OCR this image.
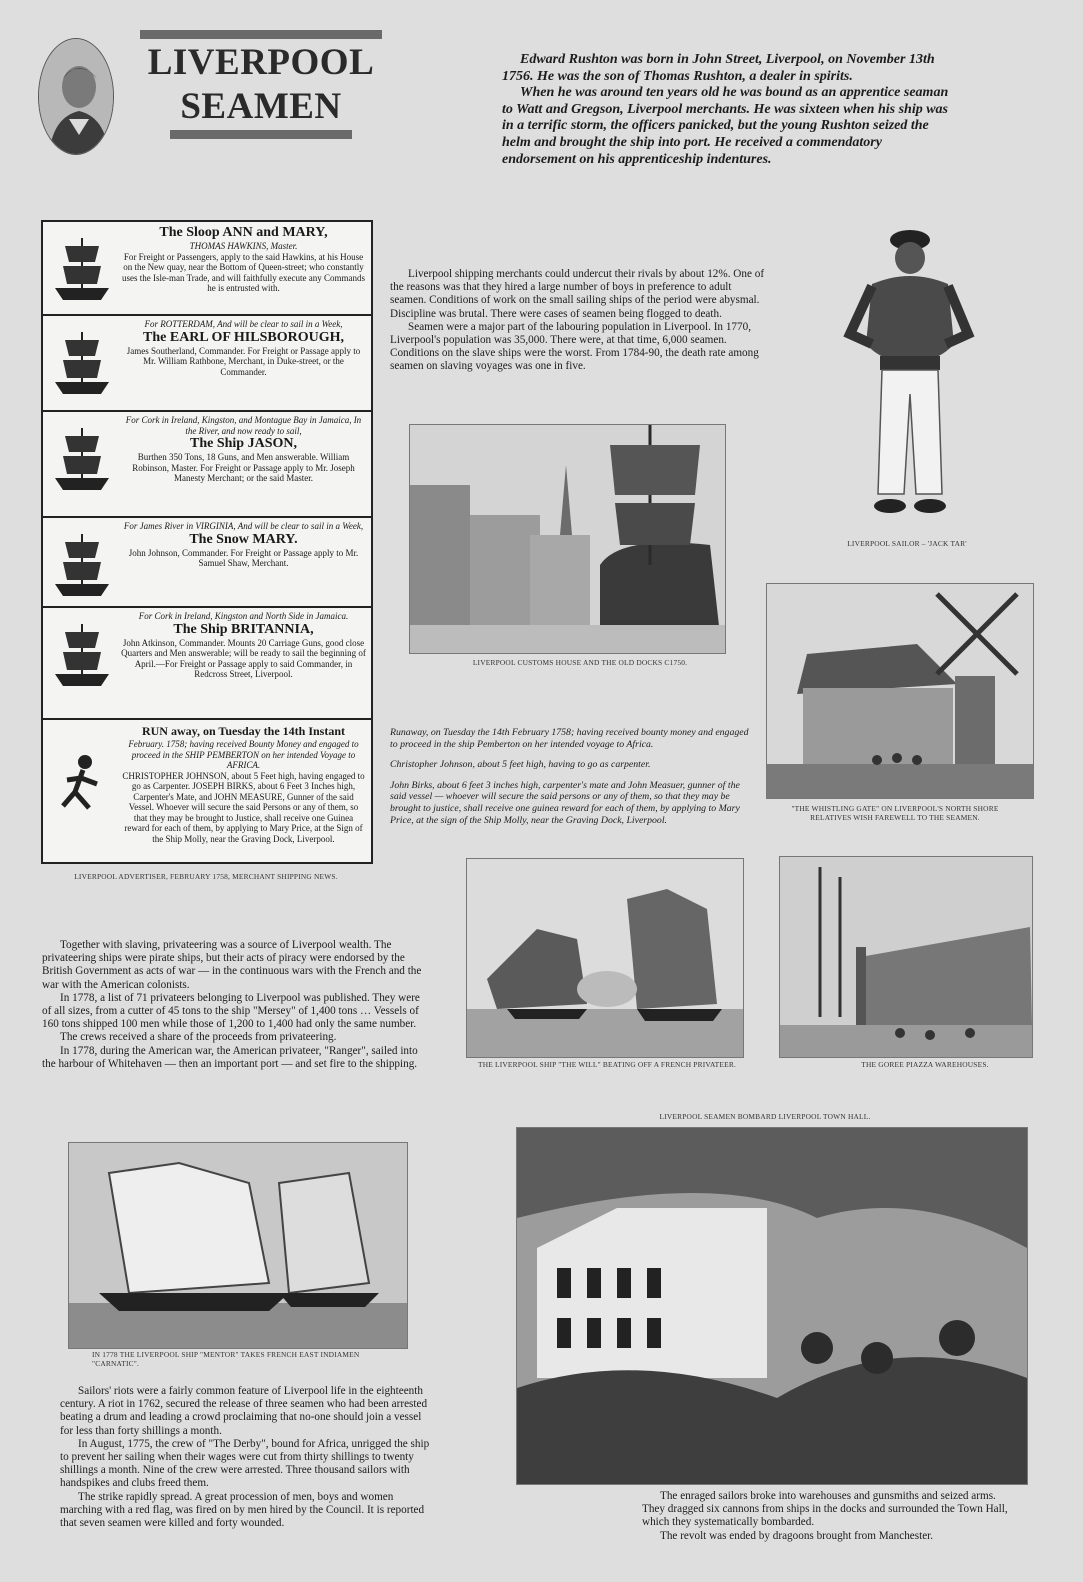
LIVERPOOL
SEAMEN

Edward Rushton was born in John Street, Liverpool, on November 13th 1756. He was the son of Thomas Rushton, a dealer in spirits.

When he was around ten years old he was bound as an apprentice seaman to Watt and Gregson, Liverpool merchants. He was sixteen when his ship was in a terrific storm, the officers panicked, but the young Rushton seized the helm and brought the ship into port. He received a commendatory endorsement on his apprenticeship indentures.

The Sloop ANN and MARY,
THOMAS HAWKINS, Master.
For Freight or Passengers, apply to the said Hawkins, at his House on the New quay, near the Bottom of Queen-street; who constantly uses the Isle-man Trade, and will faithfully execute any Commands he is entrusted with.
For ROTTERDAM, And will be clear to sail in a Week,
The EARL OF HILSBOROUGH,
James Southerland, Commander. For Freight or Passage apply to Mr. William Rathbone, Merchant, in Duke-street, or the Commander.
For Cork in Ireland, Kingston, and Montague Bay in Jamaica, In the River, and now ready to sail,
The Ship JASON,
Burthen 350 Tons, 18 Guns, and Men answerable. William Robinson, Master. For Freight or Passage apply to Mr. Joseph Manesty Merchant; or the said Master.
For James River in VIRGINIA, And will be clear to sail in a Week,
The Snow MARY.
John Johnson, Commander. For Freight or Passage apply to Mr. Samuel Shaw, Merchant.
For Cork in Ireland, Kingston and North Side in Jamaica.
The Ship BRITANNIA,
John Atkinson, Commander. Mounts 20 Carriage Guns, good close Quarters and Men answerable; will be ready to sail the beginning of April.—For Freight or Passage apply to said Commander, in Redcross Street, Liverpool.
RUN away, on Tuesday the 14th Instant
February. 1758; having received Bounty Money and engaged to proceed in the SHIP PEMBERTON on her intended Voyage to AFRICA.
CHRISTOPHER JOHNSON, about 5 Feet high, having engaged to go as Carpenter. JOSEPH BIRKS, about 6 Feet 3 Inches high, Carpenter's Mate, and JOHN MEASURE, Gunner of the said Vessel. Whoever will secure the said Persons or any of them, so that they may be brought to Justice, shall receive one Guinea reward for each of them, by applying to Mary Price, at the Sign of the Ship Molly, near the Graving Dock, Liverpool.
LIVERPOOL ADVERTISER, FEBRUARY 1758, MERCHANT SHIPPING NEWS.

Liverpool shipping merchants could undercut their rivals by about 12%. One of the reasons was that they hired a large number of boys in preference to adult seamen. Conditions of work on the small sailing ships of the period were abysmal. Discipline was brutal. There were cases of seamen being flogged to death.

Seamen were a major part of the labouring population in Liverpool. In 1770, Liverpool's population was 35,000. There were, at that time, 6,000 seamen. Conditions on the slave ships were the worst. From 1784-90, the death rate among seamen on slaving voyages was one in five.

LIVERPOOL CUSTOMS HOUSE AND THE OLD DOCKS C1750.
LIVERPOOL SAILOR – 'JACK TAR'
"THE WHISTLING GATE" ON LIVERPOOL'S NORTH SHORE RELATIVES WISH FAREWELL TO THE SEAMEN.

Runaway, on Tuesday the 14th February 1758; having received bounty money and engaged to proceed in the ship Pemberton on her intended voyage to Africa.

Christopher Johnson, about 5 feet high, having to go as carpenter.

John Birks, about 6 feet 3 inches high, carpenter's mate and John Measuer, gunner of the said vessel — whoever will secure the said persons or any of them, so that they may be brought to justice, shall receive one guinea reward for each of them, by applying to Mary Price, at the sign of the Ship Molly, near the Graving Dock, Liverpool.

THE LIVERPOOL SHIP "THE WILL" BEATING OFF A FRENCH PRIVATEER.	THE GOREE PIAZZA WAREHOUSES.

Together with slaving, privateering was a source of Liverpool wealth. The privateering ships were pirate ships, but their acts of piracy were endorsed by the British Government as acts of war — in the continuous wars with the French and the war with the American colonists.

In 1778, a list of 71 privateers belonging to Liverpool was published. They were of all sizes, from a cutter of 45 tons to the ship "Mersey" of 1,400 tons … Vessels of 160 tons shipped 100 men while those of 1,200 to 1,400 had only the same number.

The crews received a share of the proceeds from privateering.

In 1778, during the American war, the American privateer, "Ranger", sailed into the harbour of Whitehaven — then an important port — and set fire to the shipping.

LIVERPOOL SEAMEN BOMBARD LIVERPOOL TOWN HALL.
IN 1778 THE LIVERPOOL SHIP "MENTOR" TAKES FRENCH EAST INDIAMEN "CARNATIC".

Sailors' riots were a fairly common feature of Liverpool life in the eighteenth century. A riot in 1762, secured the release of three seamen who had been arrested beating a drum and leading a crowd proclaiming that no-one should join a vessel for less than forty shillings a month.

In August, 1775, the crew of "The Derby", bound for Africa, unrigged the ship to prevent her sailing when their wages were cut from thirty shillings to twenty shillings a month. Nine of the crew were arrested. Three thousand sailors with handspikes and clubs freed them.

The strike rapidly spread. A great procession of men, boys and women marching with a red flag, was fired on by men hired by the Council. It is reported that seven seamen were killed and forty wounded.

The enraged sailors broke into warehouses and gunsmiths and seized arms. They dragged six cannons from ships in the docks and surrounded the Town Hall, which they systematically bombarded.

The revolt was ended by dragoons brought from Manchester.
